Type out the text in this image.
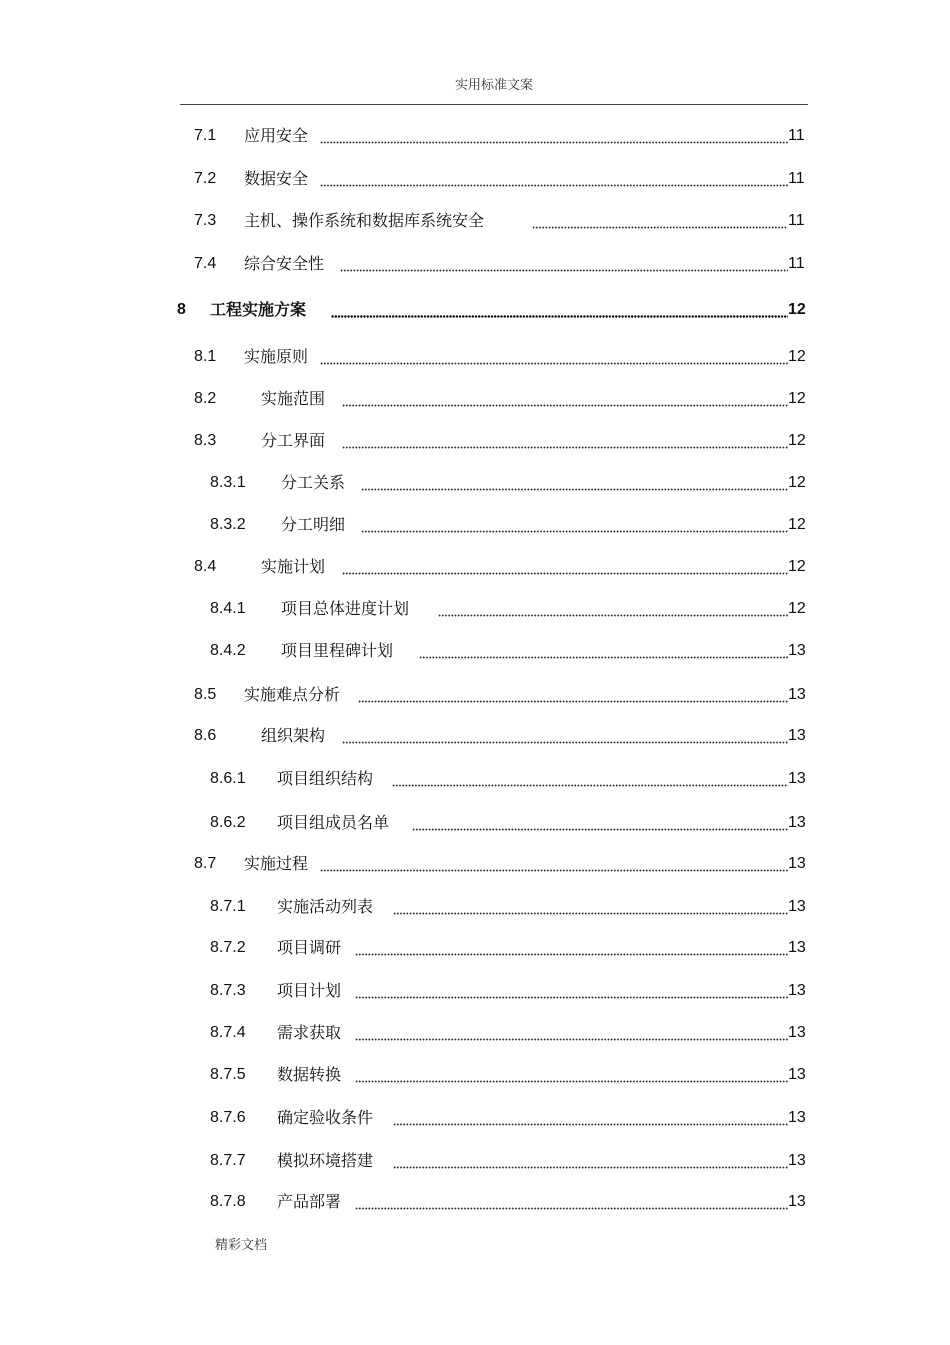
实用标准文案
7.1 应用安全	11
7.2 数据安全	11
7.3 主机、操作系统和数据库系统安全	11
7.4 综合安全性	11
8 工程实施方案	12
8.1 实施原则	12
8.2	实施范围	12
8.3	分工界面	12
8.3.1 分工关系	12
8.3.2 分工明细	12
8.4	实施计划	12
8.4.1 项目总体进度计划	12
8.4.2 项目里程碑计划	13
8.5 实施难点分析	13
8.6	组织架构	13
8.6.1 项目组织结构	13
8.6.2 项目组成员名单	13
8.7 实施过程	13
8.7.1 实施活动列表	13
8.7.2 项目调研	13
8.7.3 项目计划	13
8.7.4 需求获取	13
8.7.5 数据转换	13
8.7.6 确定验收条件	13
8.7.7 模拟环境搭建	13
8.7.8 产品部署	13
精彩文档
